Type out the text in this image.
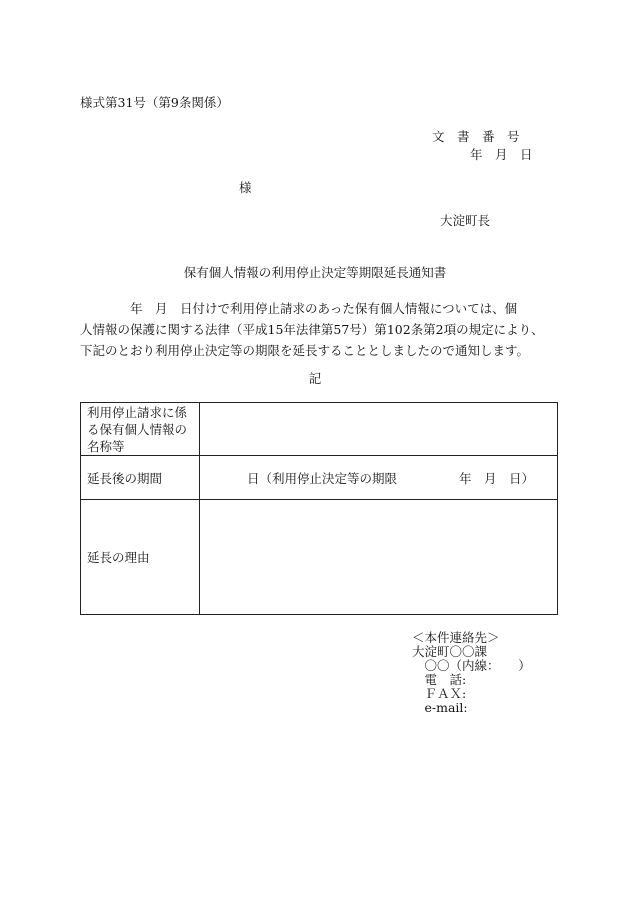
様式第31号（第9条関係）
文　書　番　号
年　月　日
様
大淀町長
保有個人情報の利用停止決定等期限延長通知書
　　　　年　月　日付けで利用停止請求のあった保有個人情報については、個
人情報の保護に関する法律（平成15年法律第57号）第102条第2項の規定により、
下記のとおり利用停止決定等の期限を延長することとしましたので通知します。
記
利用停止請求に係
る保有個人情報の
名称等	
延長後の期間	日（利用停止決定等の期限 年　月　日）

延長の理由	
＜本件連絡先＞
大淀町〇〇課
　〇〇（内線：　　）
　電　話:
　ＦＡＸ:
　e-mail:
